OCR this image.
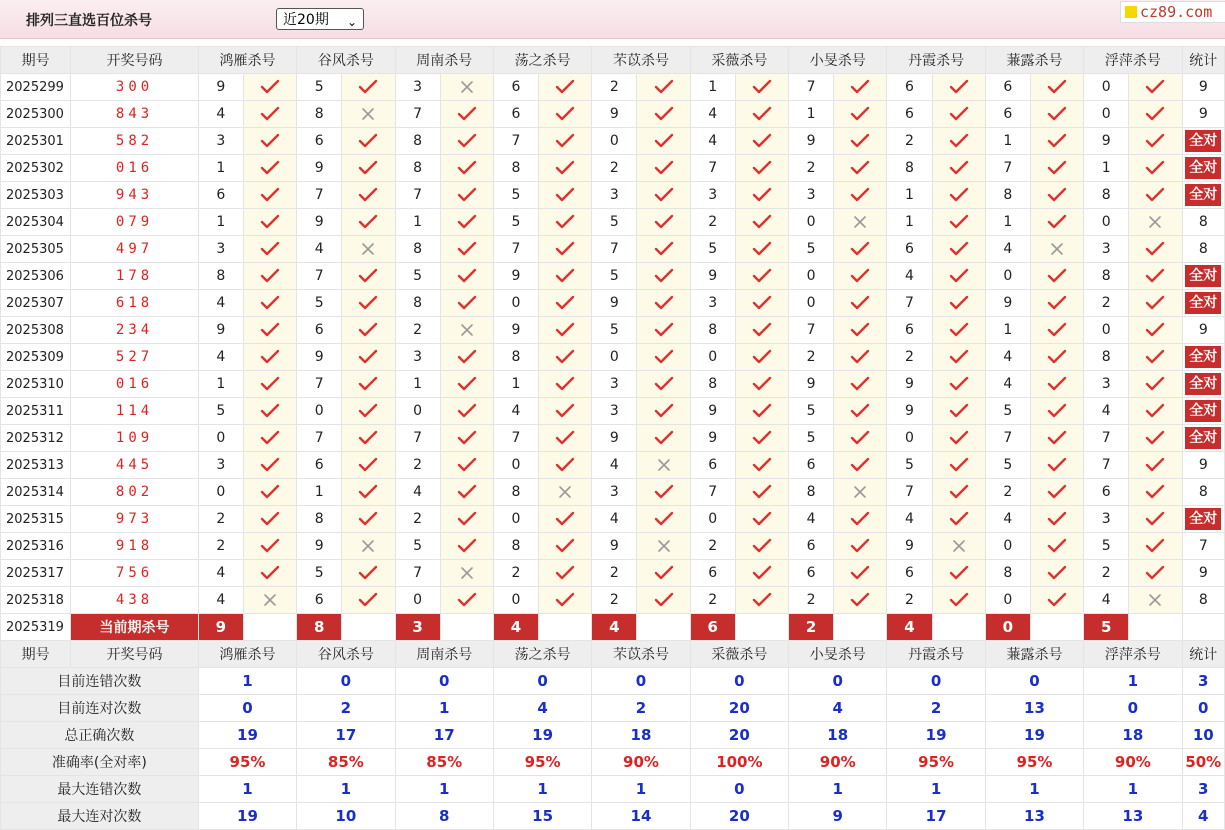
排列三直选百位杀号	近20期 ⌄
cz89.com
期号	开奖号码	鸿雁杀号		谷风杀号		周南杀号		荡之杀号		芣苡杀号		采薇杀号		小旻杀号		丹霞杀号		蒹露杀号		浮萍杀号		统计
2025299	300	9		5		3		6		2		1		7		6		6		0		9
2025300	843	4		8		7		6		9		4		1		6		6		0		9
2025301	582	3		6		8		7		0		4		9		2		1		9		全对
2025302	016	1		9		8		8		2		7		2		8		7		1		全对
2025303	943	6		7		7		5		3		3		3		1		8		8		全对
2025304	079	1		9		1		5		5		2		0		1		1		0		8
2025305	497	3		4		8		7		7		5		5		6		4		3		8
2025306	178	8		7		5		9		5		9		0		4		0		8		全对
2025307	618	4		5		8		0		9		3		0		7		9		2		全对
2025308	234	9		6		2		9		5		8		7		6		1		0		9
2025309	527	4		9		3		8		0		0		2		2		4		8		全对
2025310	016	1		7		1		1		3		8		9		9		4		3		全对
2025311	114	5		0		0		4		3		9		5		9		5		4		全对
2025312	109	0		7		7		7		9		9		5		0		7		7		全对
2025313	445	3		6		2		0		4		6		6		5		5		7		9
2025314	802	0		1		4		8		3		7		8		7		2		6		8
2025315	973	2		8		2		0		4		0		4		4		4		3		全对
2025316	918	2		9		5		8		9		2		6		9		0		5		7
2025317	756	4		5		7		2		2		6		6		6		8		2		9
2025318	438	4		6		0		0		2		2		2		2		0		4		8
2025319	当前期杀号	9		8		3		4		4		6		2		4		0		5		
期号	开奖号码	鸿雁杀号		谷风杀号		周南杀号		荡之杀号		芣苡杀号		采薇杀号		小旻杀号		丹霞杀号		蒹露杀号		浮萍杀号		统计
目前连错次数		1		0		0		0		0		0		0		0		0		1		3
目前连对次数		0		2		1		4		2		20		4		2		13		0		0
总正确次数		19		17		17		19		18		20		18		19		19		18		10
准确率(全对率)		95%		85%		85%		95%		90%		100%		90%		95%		95%		90%		50%
最大连错次数		1		1		1		1		1		0		1		1		1		1		3
最大连对次数		19		10		8		15		14		20		9		17		13		13		4
